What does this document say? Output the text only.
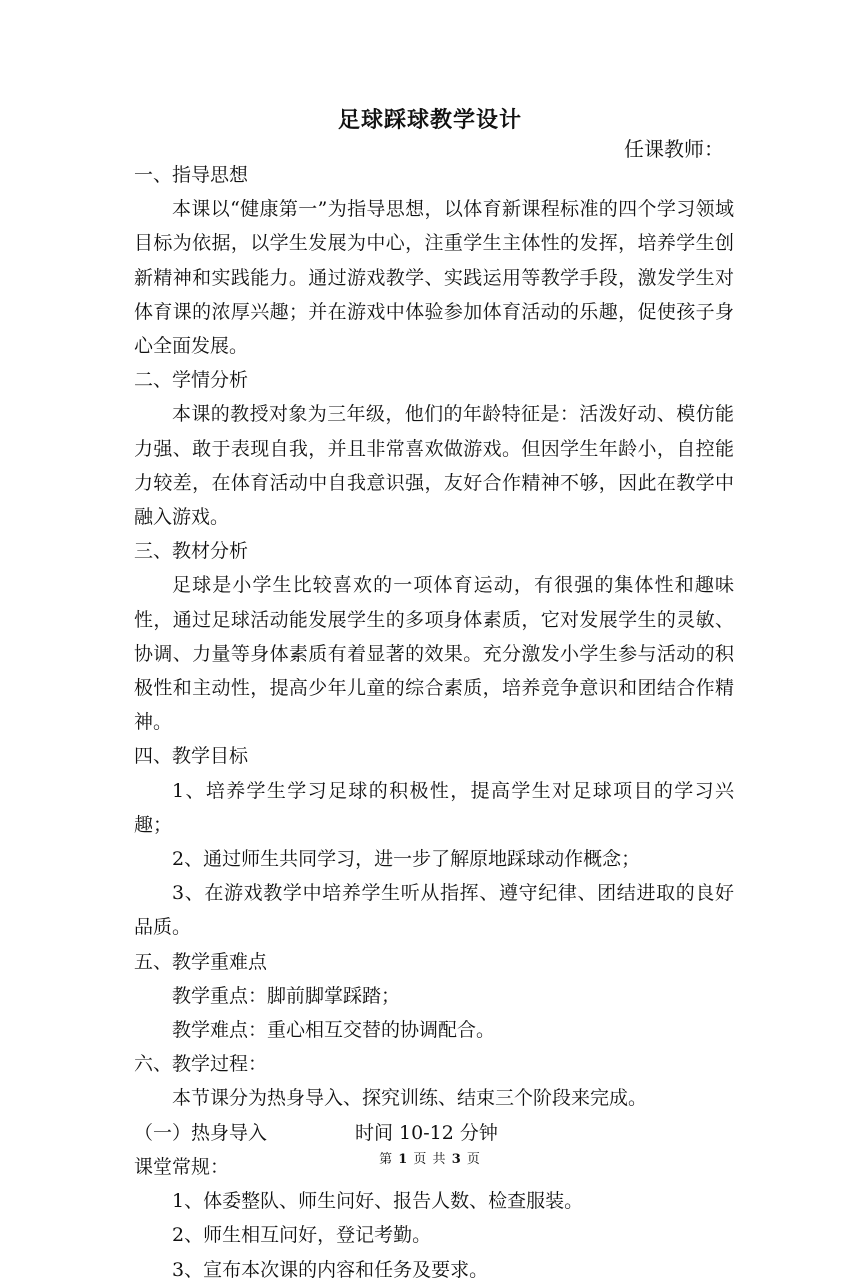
足球踩球教学设计
任课教师：

一、指导思想

本课以“健康第一”为指导思想，以体育新课程标准的四个学习领域目标为依据，以学生发展为中心，注重学生主体性的发挥，培养学生创新精神和实践能力。通过游戏教学、实践运用等教学手段，激发学生对体育课的浓厚兴趣；并在游戏中体验参加体育活动的乐趣，促使孩子身心全面发展。

二、学情分析

本课的教授对象为三年级，他们的年龄特征是：活泼好动、模仿能力强、敢于表现自我，并且非常喜欢做游戏。但因学生年龄小，自控能力较差，在体育活动中自我意识强，友好合作精神不够，因此在教学中融入游戏。

三、教材分析

足球是小学生比较喜欢的一项体育运动，有很强的集体性和趣味性，通过足球活动能发展学生的多项身体素质，它对发展学生的灵敏、协调、力量等身体素质有着显著的效果。充分激发小学生参与活动的积极性和主动性，提高少年儿童的综合素质，培养竞争意识和团结合作精神。

四、教学目标

1、培养学生学习足球的积极性，提高学生对足球项目的学习兴趣；

2、通过师生共同学习，进一步了解原地踩球动作概念；

3、在游戏教学中培养学生听从指挥、遵守纪律、团结进取的良好品质。

五、教学重难点

教学重点：脚前脚掌踩踏；

教学难点：重心相互交替的协调配合。

六、教学过程：

本节课分为热身导入、探究训练、结束三个阶段来完成。

（一）热身导入	时间 10-12 分钟

课堂常规：

1、体委整队、师生问好、报告人数、检查服装。

2、师生相互问好，登记考勤。

3、宣布本次课的内容和任务及要求。

第 1 页 共 3 页
